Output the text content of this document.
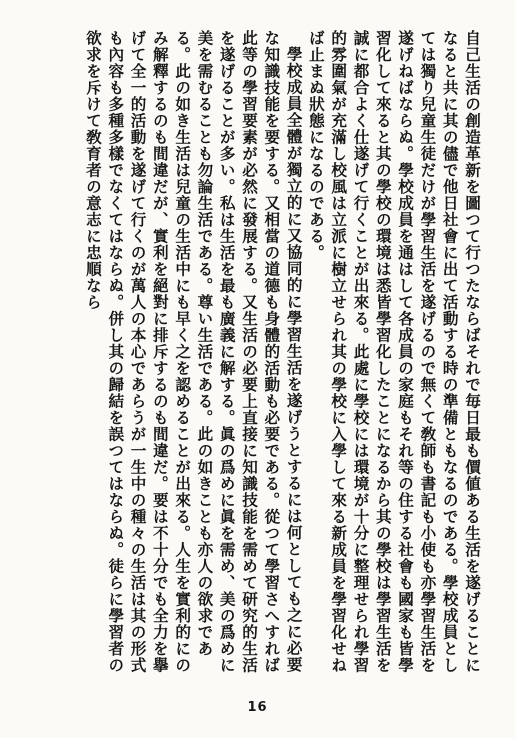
自己生活の創造革新を圖つて行つたならばそれで毎日最も價値ある生活を遂げることになると共に其の儘で他日社會に出て活動する時の準備ともなるのである。學校成員としては獨り兒童生徒だけが學習生活を遂げるので無くて敎師も書記も小使も亦學習生活を遂げねばならぬ。學校成員を通はして各成員の家庭もそれ等の住する社會も國家も皆學習化して來ると其の學校の環境は悉皆學習化したことになるから其の學校は學習生活を誠に都合よく仕遂げて行くことが出來る。此處に學校には環境が十分に整理せられ學習的雰圍氣が充滿し校風は立派に樹立せられ其の學校に入學して來る新成員を學習化せねば止まぬ狀態になるのである。

學校成員全體が獨立的に又協同的に學習生活を遂げうとするには何としても之に必要な知識技能を要する。又相當の道德も身體的活動も必要である。從つて學習さへすれば此等の學習要素が必然に發展する。又生活の必要上直接に知識技能を需めて研究的生活を遂げることが多い。私は生活を最も廣義に解する。眞の爲めに眞を需め、美の爲めに美を需むることも勿論生活である。尊い生活である。此の如きことも亦人の欲求である。此の如き生活は兒童の生活中にも早く之を認めることが出來る。人生を實利的にのみ解釋するのも間違だが、實利を絕對に排斥するのも間違だ。要は不十分でも全力を擧げて全一的活動を遂げて行くのが萬人の本心であらうが一生中の種々の生活は其の形式も內容も多種多樣でなくてはならぬ。併し其の歸結を誤つてはならぬ。徒らに學習者の欲求を斥けて敎育者の意志に忠順なら

16
